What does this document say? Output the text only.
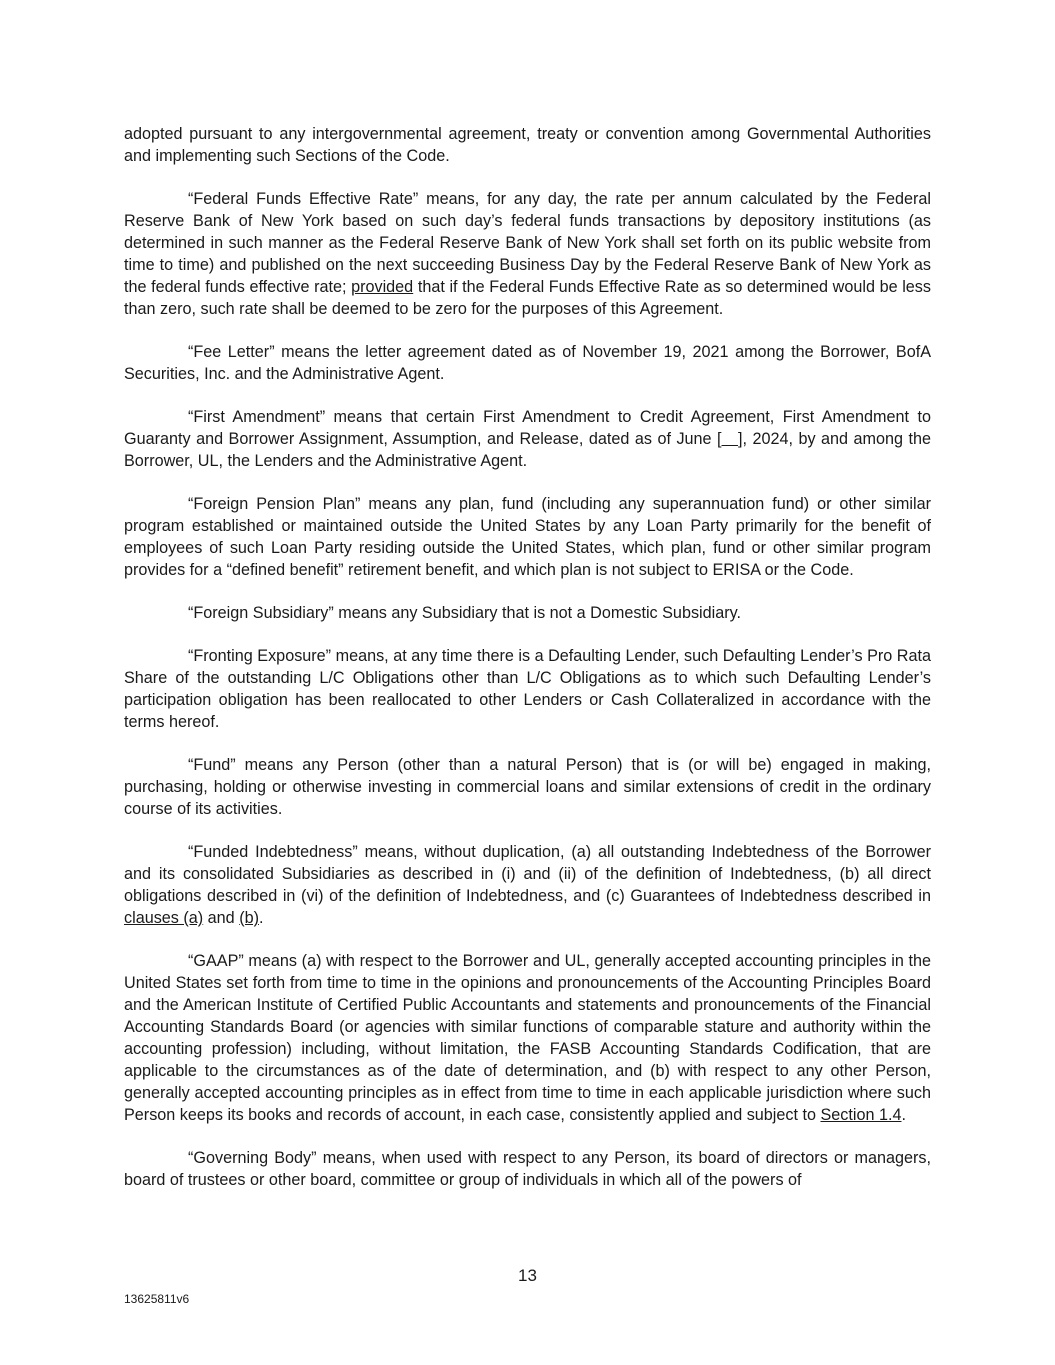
adopted pursuant to any intergovernmental agreement, treaty or convention among Governmental Authorities and implementing such Sections of the Code.

“Federal Funds Effective Rate” means, for any day, the rate per annum calculated by the Federal Reserve Bank of New York based on such day’s federal funds transactions by depository institutions (as determined in such manner as the Federal Reserve Bank of New York shall set forth on its public website from time to time) and published on the next succeeding Business Day by the Federal Reserve Bank of New York as the federal funds effective rate; provided that if the Federal Funds Effective Rate as so determined would be less than zero, such rate shall be deemed to be zero for the purposes of this Agreement.

“Fee Letter” means the letter agreement dated as of November 19, 2021 among the Borrower, BofA Securities, Inc. and the Administrative Agent.

“First Amendment” means that certain First Amendment to Credit Agreement, First Amendment to Guaranty and Borrower Assignment, Assumption, and Release, dated as of June [ ], 2024, by and among the Borrower, UL, the Lenders and the Administrative Agent.

“Foreign Pension Plan” means any plan, fund (including any superannuation fund) or other similar program established or maintained outside the United States by any Loan Party primarily for the benefit of employees of such Loan Party residing outside the United States, which plan, fund or other similar program provides for a “defined benefit” retirement benefit, and which plan is not subject to ERISA or the Code.

“Foreign Subsidiary” means any Subsidiary that is not a Domestic Subsidiary.

“Fronting Exposure” means, at any time there is a Defaulting Lender, such Defaulting Lender’s Pro Rata Share of the outstanding L/C Obligations other than L/C Obligations as to which such Defaulting Lender’s participation obligation has been reallocated to other Lenders or Cash Collateralized in accordance with the terms hereof.

“Fund” means any Person (other than a natural Person) that is (or will be) engaged in making, purchasing, holding or otherwise investing in commercial loans and similar extensions of credit in the ordinary course of its activities.

“Funded Indebtedness” means, without duplication, (a) all outstanding Indebtedness of the Borrower and its consolidated Subsidiaries as described in (i) and (ii) of the definition of Indebtedness, (b) all direct obligations described in (vi) of the definition of Indebtedness, and (c) Guarantees of Indebtedness described in clauses (a) and (b).

“GAAP” means (a) with respect to the Borrower and UL, generally accepted accounting principles in the United States set forth from time to time in the opinions and pronouncements of the Accounting Principles Board and the American Institute of Certified Public Accountants and statements and pronouncements of the Financial Accounting Standards Board (or agencies with similar functions of comparable stature and authority within the accounting profession) including, without limitation, the FASB Accounting Standards Codification, that are applicable to the circumstances as of the date of determination, and (b) with respect to any other Person, generally accepted accounting principles as in effect from time to time in each applicable jurisdiction where such Person keeps its books and records of account, in each case, consistently applied and subject to Section 1.4.

“Governing Body” means, when used with respect to any Person, its board of directors or managers, board of trustees or other board, committee or group of individuals in which all of the powers of

13
13625811v6
